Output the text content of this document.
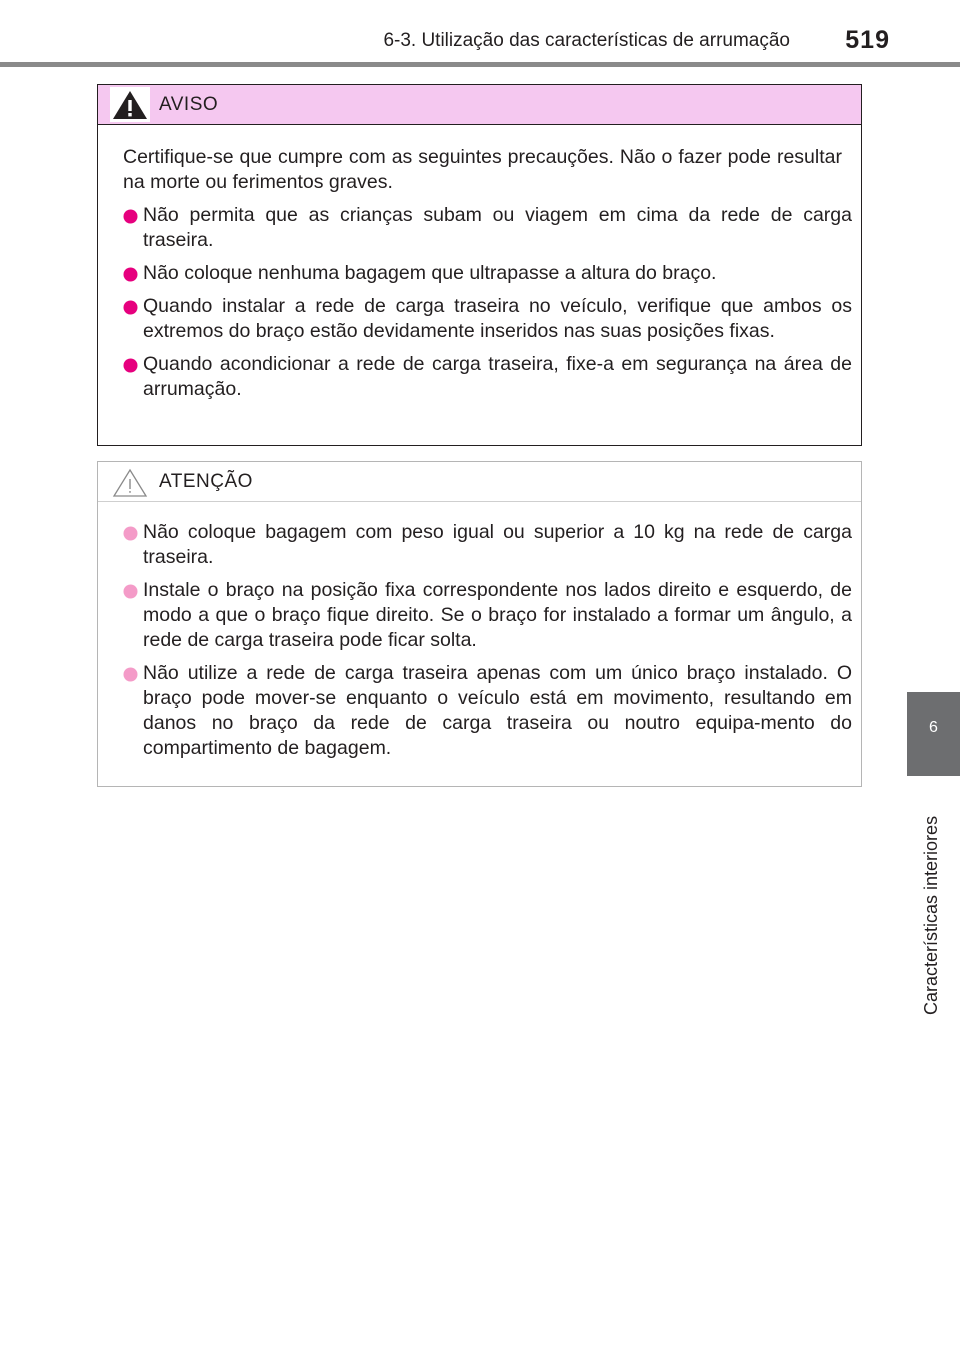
6-3. Utilização das características de arrumação 519
6
Características interiores
AVISO

Certifique-se que cumpre com as seguintes precauções. Não o fazer pode resultar na morte ou ferimentos graves.

Não permita que as crianças subam ou viagem em cima da rede de carga traseira.
Não coloque nenhuma bagagem que ultrapasse a altura do braço.
Quando instalar a rede de carga traseira no veículo, verifique que ambos os extremos do braço estão devidamente inseridos nas suas posições fixas.
Quando acondicionar a rede de carga traseira, fixe-a em segurança na área de arrumação.
ATENÇÃO
Não coloque bagagem com peso igual ou superior a 10 kg na rede de carga traseira.
Instale o braço na posição fixa correspondente nos lados direito e esquerdo, de modo a que o braço fique direito. Se o braço for instalado a formar um ângulo, a rede de carga traseira pode ficar solta.
Não utilize a rede de carga traseira apenas com um único braço instalado. O braço pode mover-se enquanto o veículo está em movimento, resultando em danos no braço da rede de carga traseira ou noutro equipa-mento do compartimento de bagagem.
